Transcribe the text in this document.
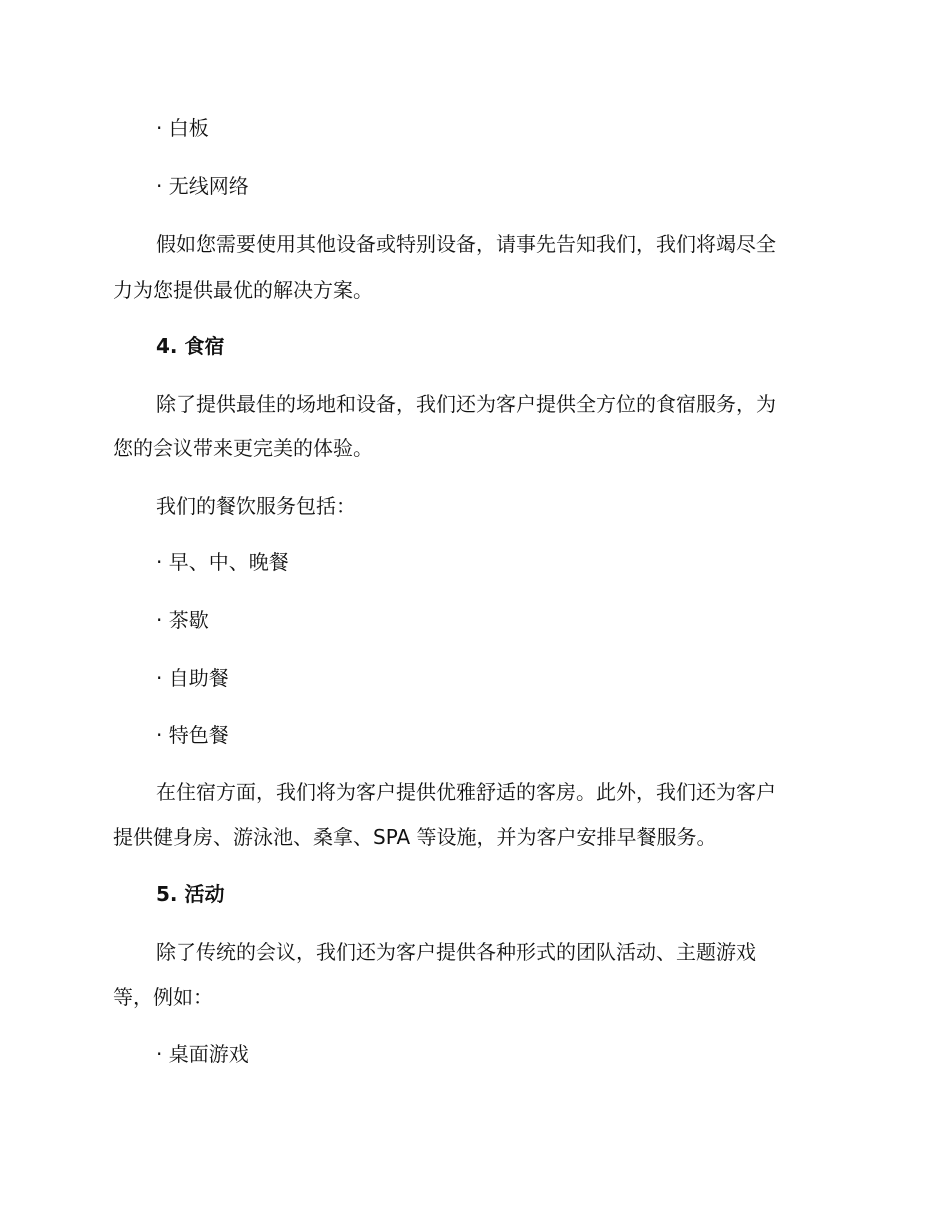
· 白板
· 无线网络
假如您需要使用其他设备或特别设备，请事先告知我们，我们将竭尽全
力为您提供最优的解决方案。
4. 食宿
除了提供最佳的场地和设备，我们还为客户提供全方位的食宿服务，为
您的会议带来更完美的体验。
我们的餐饮服务包括：
· 早、中、晚餐
· 茶歇
· 自助餐
· 特色餐
在住宿方面，我们将为客户提供优雅舒适的客房。此外，我们还为客户
提供健身房、游泳池、桑拿、SPA 等设施，并为客户安排早餐服务。
5. 活动
除了传统的会议，我们还为客户提供各种形式的团队活动、主题游戏
等，例如：
· 桌面游戏
